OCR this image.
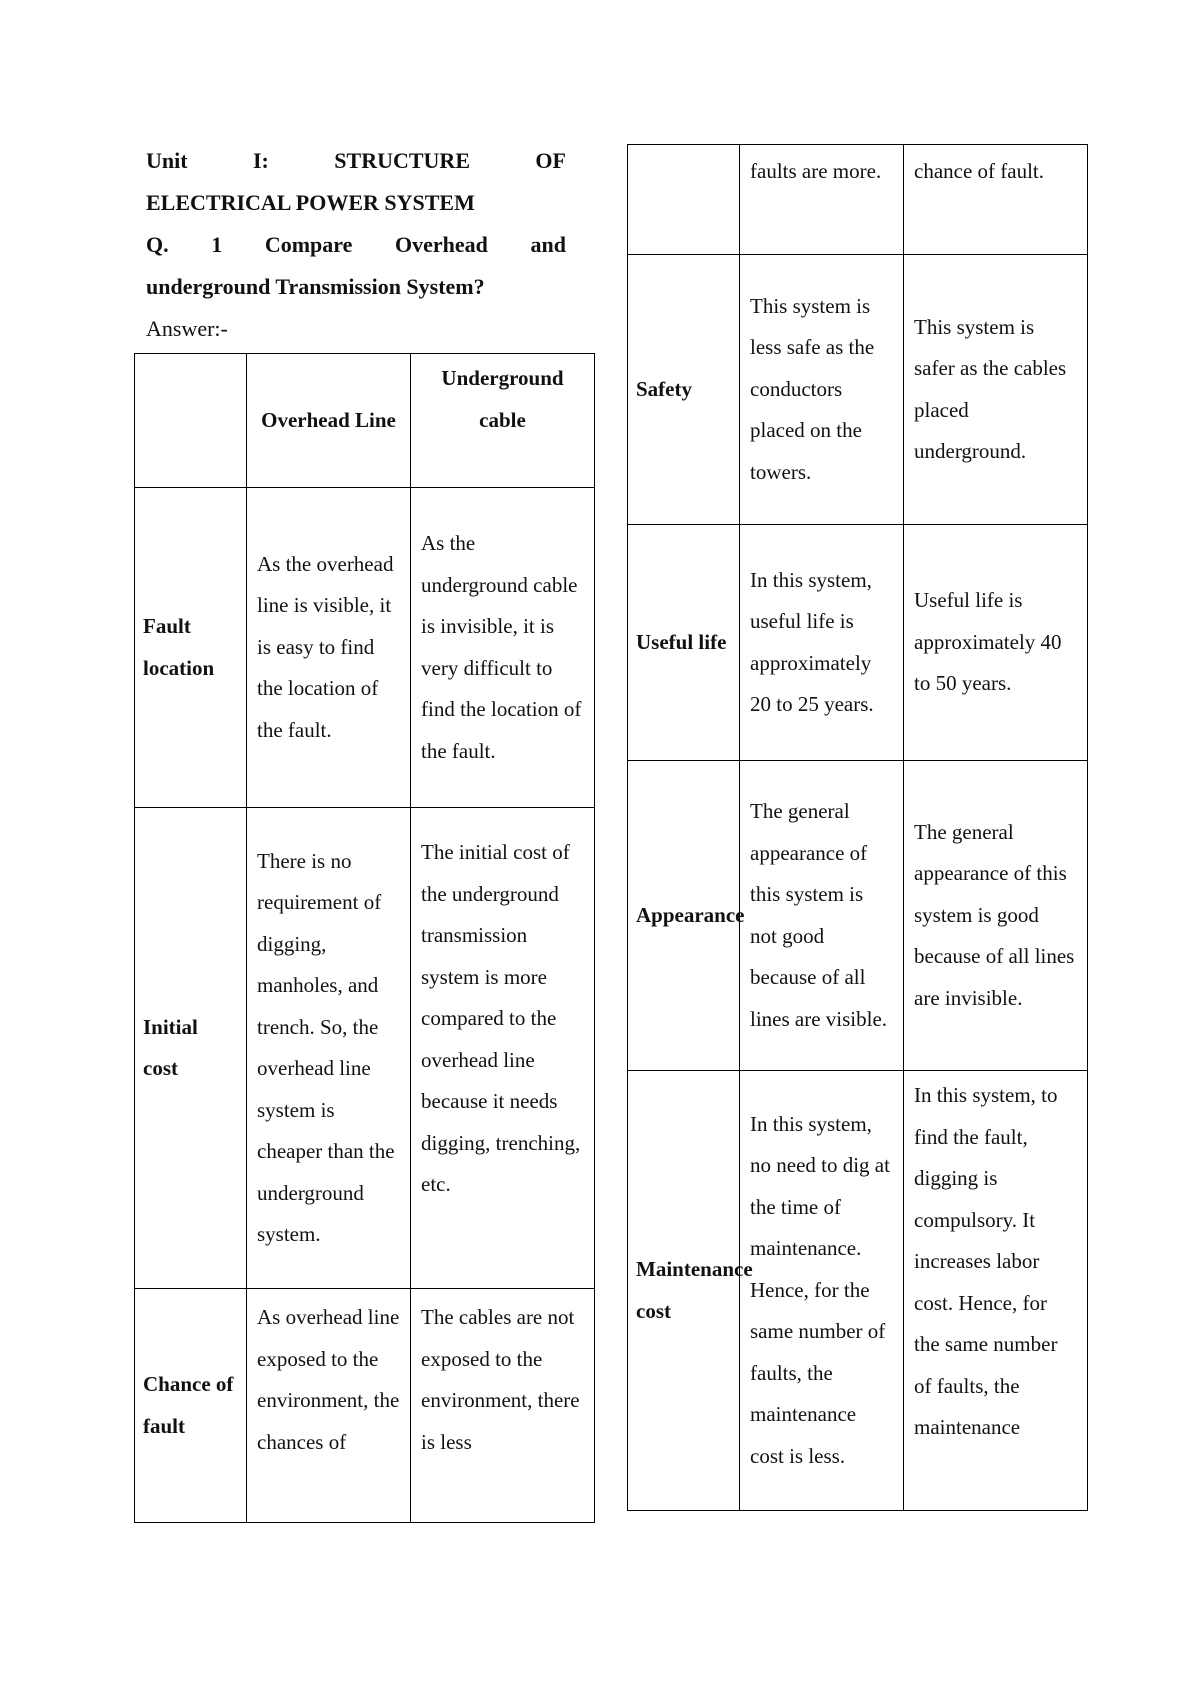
Unit	I:	STRUCTURE	OF
ELECTRICAL POWER SYSTEM
Q. 1 Compare Overhead and
underground Transmission System?
Answer:-
	Overhead Line	Underground cable
Fault location	As the overhead line is visible, it is easy to find the location of the fault.	As the underground cable is invisible, it is very difficult to find the location of the fault.
Initial cost	There is no requirement of digging, manholes, and trench. So, the overhead line system is cheaper than the underground system.	The initial cost of the underground transmission system is more compared to the overhead line because it needs digging, trenching, etc.
Chance of fault	As overhead line exposed to the environment, the chances of	The cables are not exposed to the environment, there is less
	faults are more.	chance of fault.
Safety	This system is less safe as the conductors placed on the towers.	This system is safer as the cables placed underground.
Useful life	In this system, useful life is approximately 20 to 25 years.	Useful life is approximately 40 to 50 years.
Appearance	The general appearance of this system is not good because of all lines are visible.	The general appearance of this system is good because of all lines are invisible.
Maintenance cost	In this system, no need to dig at the time of maintenance. Hence, for the same number of faults, the maintenance cost is less.	In this system, to find the fault, digging is compulsory. It increases labor cost. Hence, for the same number of faults, the maintenance
